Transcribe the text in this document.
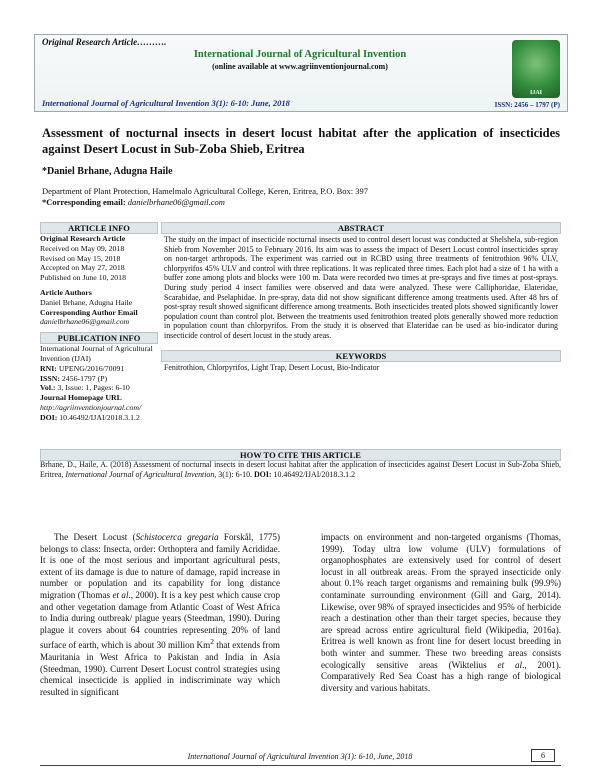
Original Research Article……….
International Journal of Agricultural Invention
(online available at www.agriinventionjournal.com)
International Journal of Agricultural Invention 3(1): 6-10: June, 2018
IJAI
ISSN: 2456 – 1797 (P)
Assessment of nocturnal insects in desert locust habitat after the application of insecticides against Desert Locust in Sub-Zoba Shieb, Eritrea
*Daniel Brhane, Adugna Haile
Department of Plant Protection, Hamelmalo Agricultural College, Keren, Eritrea, P.O. Box: 397
*Corresponding email: danielbrhane06@gmail.com
ARTICLE INFO
Original Research Article
Received on May 09, 2018
Revised on May 15, 2018
Accepted on May 27, 2018
Published on June 10, 2018
Article Authors
Daniel Brhane, Adugna Haile
Corresponding Author Email
danielbrhane06@gmail.com
PUBLICATION INFO
International Journal of Agricultural Invention (IJAI)
RNI: UPENG/2016/70091
ISSN: 2456-1797 (P)
Vol.: 3, Issue: 1, Pages: 6-10
Journal Homepage URL
http://agriinventionjournal.com/
DOI: 10.46492/IJAI/2018.3.1.2
ABSTRACT
The study on the impact of insecticide nocturnal insects used to control desert locust was conducted at Shelshela, sub-region Shieb from November 2015 to February 2016. Its aim was to assess the impact of Desert Locust control insecticides spray on non-target arthropods. The experiment was carried out in RCBD using three treatments of fenitrothion 96% ULV, chlorpyrifos 45% ULV and control with three replications. It was replicated three times. Each plot had a size of 1 ha with a buffer zone among plots and blocks were 100 m. Data were recorded two times at pre-sprays and five times at post-sprays. During study period 4 insect families were observed and data were analyzed. These were Calliphoridae, Elateridae, Scarabidae, and Pselaphidae. In pre-spray, data did not show significant difference among treatments used. After 48 hrs of post-spray result showed significant difference among treatments. Both insecticides treated plots showed significantly lower population count than control plot. Between the treatments used fenitrothion treated plots generally showed more reduction in population count than chlorpyrifos. From the study it is observed that Elateridae can be used as bio-indicator during insecticide control of desert locust in the study areas.
KEYWORDS
Fenitrothion, Chlorpyrifos, Light Trap, Desert Locust, Bio-Indicator
HOW TO CITE THIS ARTICLE
Brhane, D., Haile, A. (2018) Assessment of nocturnal insects in desert locust habitat after the application of insecticides against Desert Locust in Sub-Zoba Shieb, Eritrea, International Journal of Agricultural Invention, 3(1): 6-10. DOI: 10.46492/IJAI/2018.3.1.2

The Desert Locust (Schistocerca gregaria Forskål, 1775) belongs to class: Insecta, order: Orthoptera and family Acrididae. It is one of the most serious and important agricultural pests, extent of its damage is due to nature of damage, rapid increase in number or population and its capability for long distance migration (Thomas et al., 2000). It is a key pest which cause crop and other vegetation damage from Atlantic Coast of West Africa to India during outbreak/ plague years (Steedman, 1990). During plague it covers about 64 countries representing 20% of land surface of earth, which is about 30 million Km$^2$ that extends from Mauritania in West Africa to Pakistan and India in Asia (Steedman, 1990). Current Desert Locust control strategies using chemical insecticide is applied in indiscriminate way which resulted in significant

impacts on environment and non-targeted organisms (Thomas, 1999). Today ultra low volume (ULV) formulations of organophosphates are extensively used for control of desert locust in all outbreak areas. From the sprayed insecticide only about 0.1% reach target organisms and remaining bulk (99.9%) contaminate surrounding environment (Gill and Garg, 2014). Likewise, over 98% of sprayed insecticides and 95% of herbicide reach a destination other than their target species, because they are spread across entire agricultural field (Wikipedia, 2016a). Eritrea is well known as front line for desert locust breeding in both winter and summer. These two breeding areas consists ecologically sensitive areas (Wiktelius et al., 2001). Comparatively Red Sea Coast has a high range of biological diversity and various habitats.
International Journal of Agricultural Invention 3(1): 6-10, June, 2018	6
